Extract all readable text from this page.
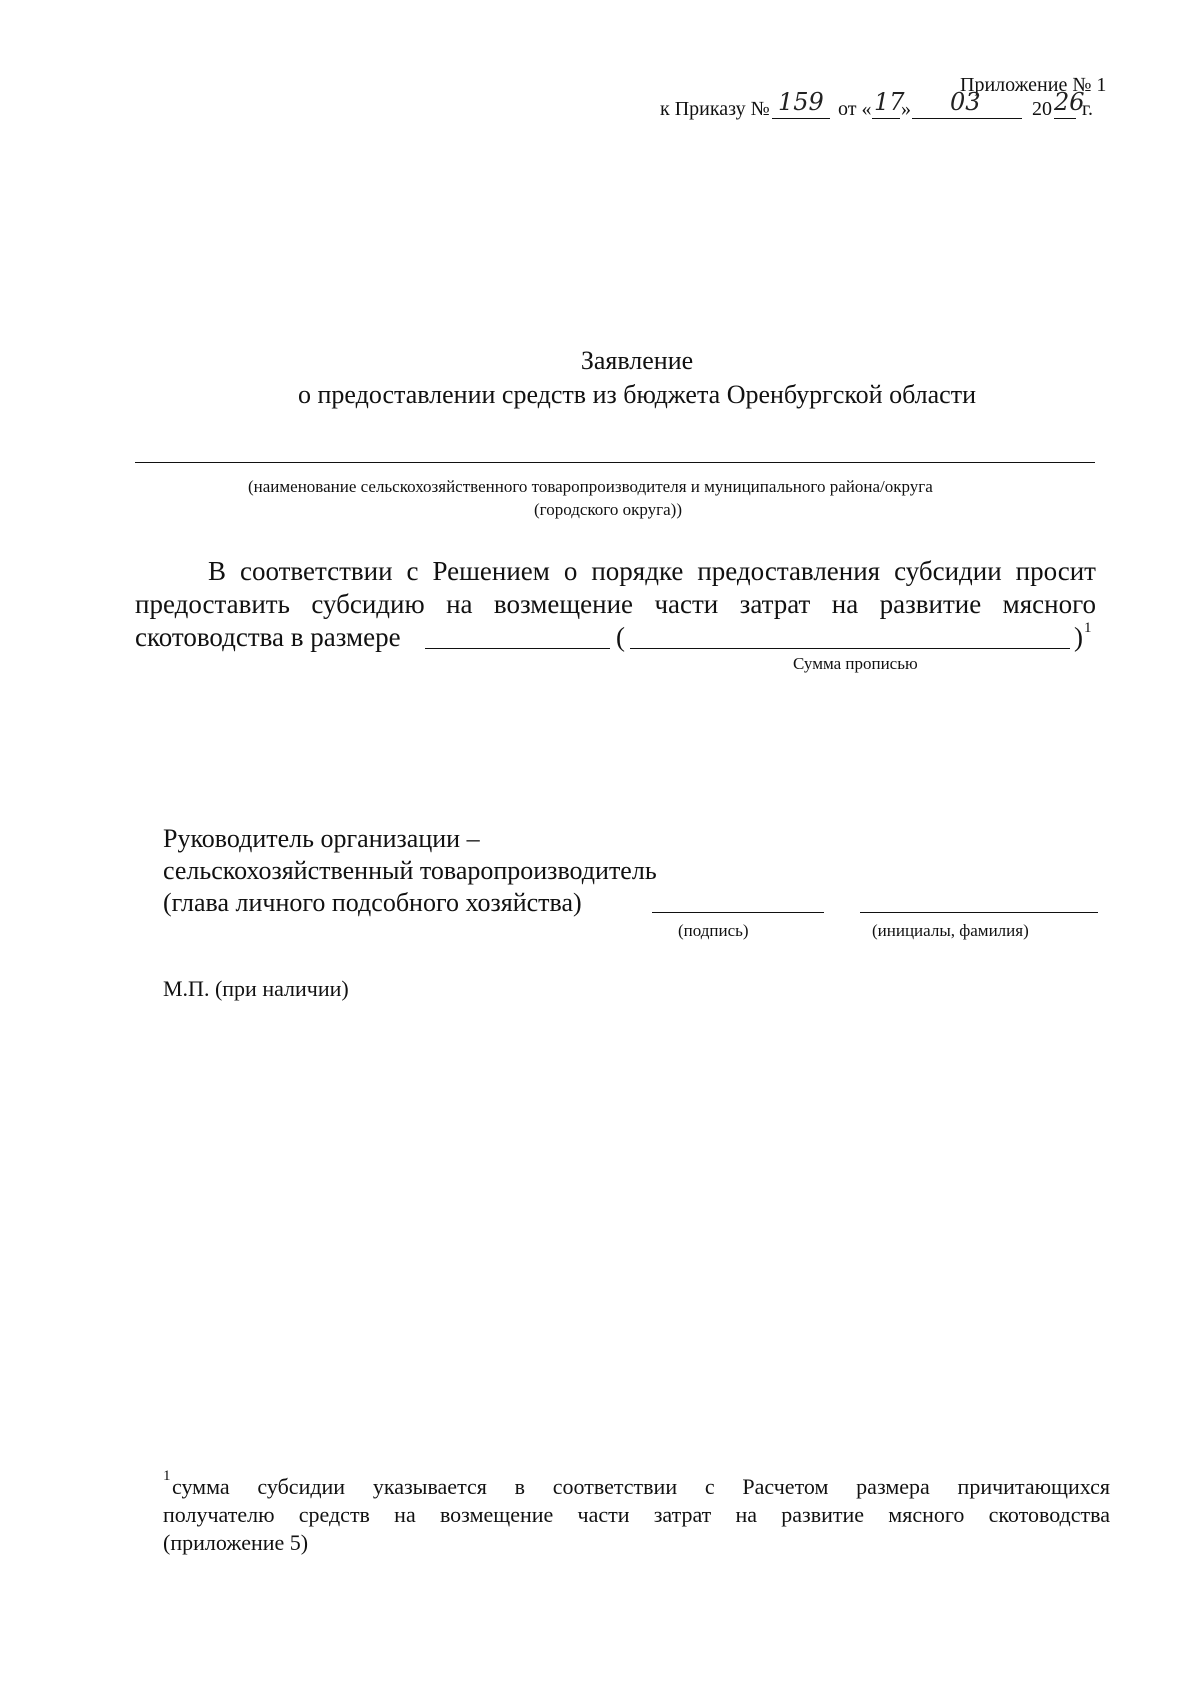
Приложение № 1
к Приказу № 159 от « 17
» 03	20 26
г.
Заявление
о предоставлении средств из бюджета Оренбургской области
(наименование сельскохозяйственного товаропроизводителя и муниципального района/округа
(городского округа))
В соответствии с Решением о порядке предоставления субсидии просит
предоставить субсидию на возмещение части затрат на развитие мясного
скотоводства в размере	(	) 1
Сумма прописью
Руководитель организации –
сельскохозяйственный товаропроизводитель
(глава личного подсобного хозяйства)
(подпись)	(инициалы, фамилия)
М.П. (при наличии)
1 сумма субсидии указывается в соответствии с Расчетом размера причитающихся
получателю средств на возмещение части затрат на развитие мясного скотоводства
(приложение 5)
